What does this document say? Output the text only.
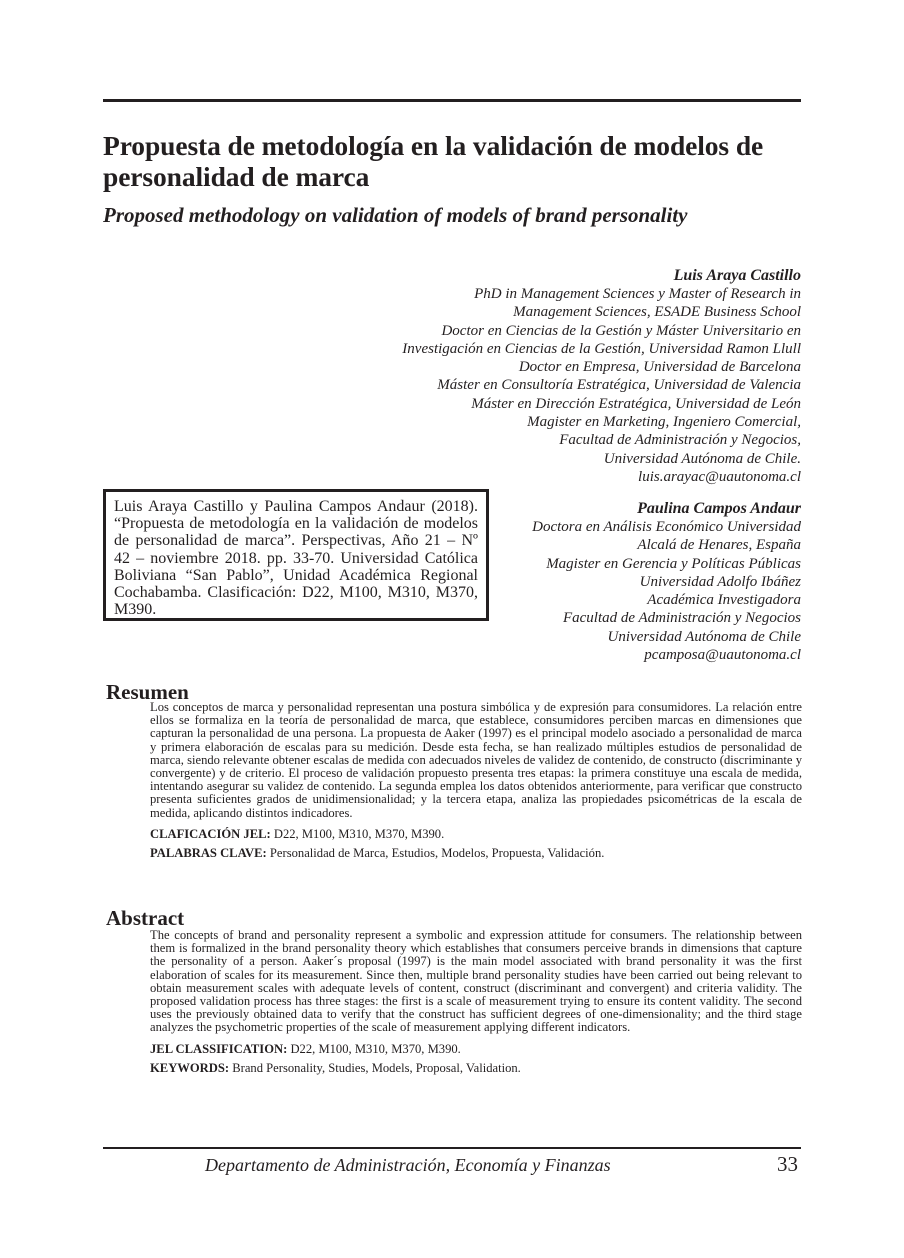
Propuesta de metodología en la validación de modelos de personalidad de marca
Proposed methodology on validation of models of brand personality
Luis Araya Castillo
PhD in Management Sciences y Master of Research in
Management Sciences, ESADE Business School
Doctor en Ciencias de la Gestión y Máster Universitario en
Investigación en Ciencias de la Gestión, Universidad Ramon Llull
Doctor en Empresa, Universidad de Barcelona
Máster en Consultoría Estratégica, Universidad de Valencia
Máster en Dirección Estratégica, Universidad de León
Magister en Marketing, Ingeniero Comercial,
Facultad de Administración y Negocios,
Universidad Autónoma de Chile.
luis.arayac@uautonoma.cl
Luis Araya Castillo y Paulina Campos Andaur (2018). “Propuesta de metodología en la validación de modelos de personalidad de marca”. Perspectivas, Año 21 – Nº 42 – noviembre 2018. pp. 33-70. Universidad Católica Boliviana “San Pablo”, Unidad Académica Regional Cochabamba. Clasificación: D22, M100, M310, M370, M390.
Paulina Campos Andaur
Doctora en Análisis Económico Universidad
Alcalá de Henares, España
Magister en Gerencia y Políticas Públicas
Universidad Adolfo Ibáñez
Académica Investigadora
Facultad de Administración y Negocios
Universidad Autónoma de Chile
pcamposa@uautonoma.cl
Resumen

Los conceptos de marca y personalidad representan una postura simbólica y de expresión para consumidores. La relación entre ellos se formaliza en la teoría de personalidad de marca, que establece, consumidores perciben marcas en dimensiones que capturan la personalidad de una persona. La propuesta de Aaker (1997) es el principal modelo asociado a personalidad de marca y primera elaboración de escalas para su medición. Desde esta fecha, se han realizado múltiples estudios de personalidad de marca, siendo relevante obtener escalas de medida con adecuados niveles de validez de contenido, de constructo (discriminante y convergente) y de criterio. El proceso de validación propuesto presenta tres etapas: la primera constituye una escala de medida, intentando asegurar su validez de contenido. La segunda emplea los datos obtenidos anteriormente, para verificar que constructo presenta suficientes grados de unidimensionalidad; y la tercera etapa, analiza las propiedades psicométricas de la escala de medida, aplicando distintos indicadores.

CLAFICACIÓN JEL: D22, M100, M310, M370, M390.

PALABRAS CLAVE: Personalidad de Marca, Estudios, Modelos, Propuesta, Validación.

Abstract

The concepts of brand and personality represent a symbolic and expression attitude for consumers. The relationship between them is formalized in the brand personality theory which establishes that consumers perceive brands in dimensions that capture the personality of a person. Aaker´s proposal (1997) is the main model associated with brand personality it was the first elaboration of scales for its measurement. Since then, multiple brand personality studies have been carried out being relevant to obtain measurement scales with adequate levels of content, construct (discriminant and convergent) and criteria validity. The proposed validation process has three stages: the first is a scale of measurement trying to ensure its content validity. The second uses the previously obtained data to verify that the construct has sufficient degrees of one-dimensionality; and the third stage analyzes the psychometric properties of the scale of measurement applying different indicators.

JEL CLASSIFICATION: D22, M100, M310, M370, M390.

KEYWORDS: Brand Personality, Studies, Models, Proposal, Validation.

Departamento de Administración, Economía y Finanzas	33
